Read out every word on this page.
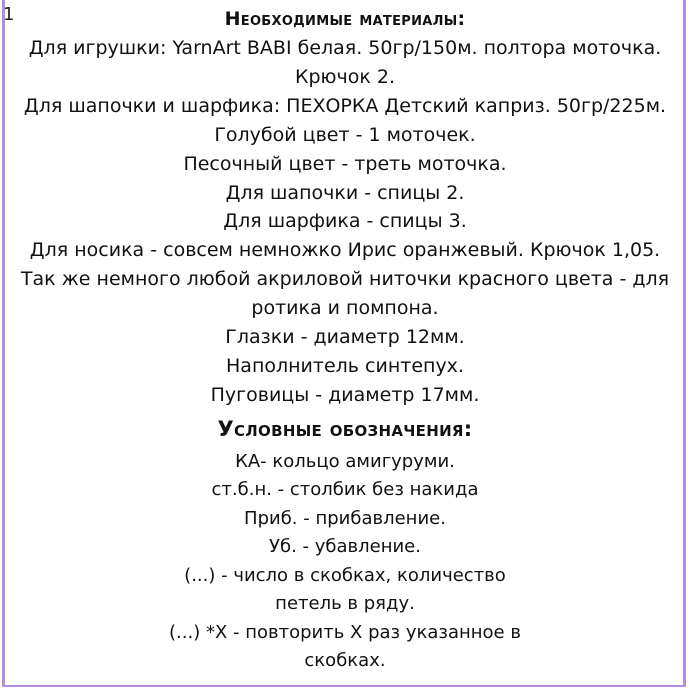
1	Необходимые материалы:
Для игрушки: YarnArt BABI белая. 50гр/150м. полтора моточка.
Крючок 2.
Для шапочки и шарфика: ПЕХОРКА Детский каприз. 50гр/225м.
Голубой цвет - 1 моточек.
Песочный цвет - треть моточка.
Для шапочки - спицы 2.
Для шарфика - спицы 3.
Для носика - совсем немножко Ирис оранжевый. Крючок 1,05.
Так же немного любой акриловой ниточки красного цвета - для
ротика и помпона.
Глазки - диаметр 12мм.
Наполнитель синтепух.
Пуговицы - диаметр 17мм.
Условные обозначения:
КА- кольцо амигуруми.
ст.б.н. - столбик без накида
Приб. - прибавление.
Уб. - убавление.
(...) - число в скобках, количество
петель в ряду.
(...) *Х - повторить Х раз указанное в
скобках.
